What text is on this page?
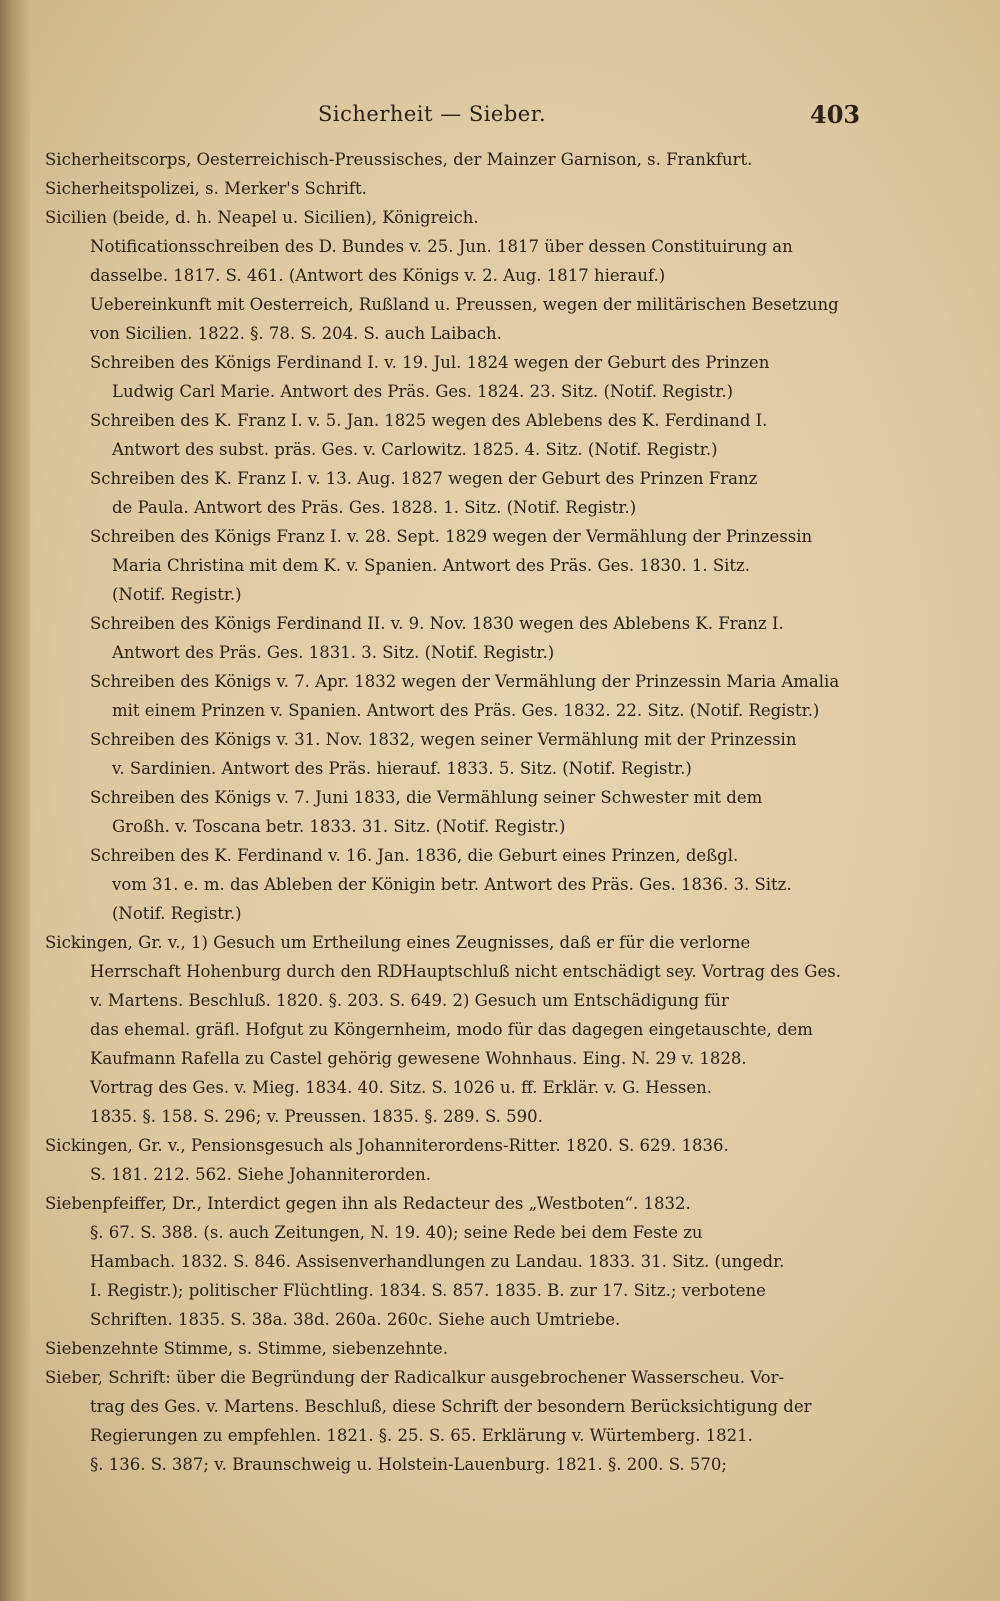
Sicherheit — Sieber.	403
Sicherheitscorps, Oesterreichisch-Preussisches, der Mainzer Garnison, s. Frankfurt.
Sicherheitspolizei, s. Merker's Schrift.
Sicilien (beide, d. h. Neapel u. Sicilien), Königreich.
Notificationsschreiben des D. Bundes v. 25. Jun. 1817 über dessen Constituirung an
dasselbe. 1817. S. 461. (Antwort des Königs v. 2. Aug. 1817 hierauf.)
Uebereinkunft mit Oesterreich, Rußland u. Preussen, wegen der militärischen Besetzung
von Sicilien. 1822. §. 78. S. 204. S. auch Laibach.
Schreiben des Königs Ferdinand I. v. 19. Jul. 1824 wegen der Geburt des Prinzen
Ludwig Carl Marie. Antwort des Präs. Ges. 1824. 23. Sitz. (Notif. Registr.)
Schreiben des K. Franz I. v. 5. Jan. 1825 wegen des Ablebens des K. Ferdinand I.
Antwort des subst. präs. Ges. v. Carlowitz. 1825. 4. Sitz. (Notif. Registr.)
Schreiben des K. Franz I. v. 13. Aug. 1827 wegen der Geburt des Prinzen Franz
de Paula. Antwort des Präs. Ges. 1828. 1. Sitz. (Notif. Registr.)
Schreiben des Königs Franz I. v. 28. Sept. 1829 wegen der Vermählung der Prinzessin
Maria Christina mit dem K. v. Spanien. Antwort des Präs. Ges. 1830. 1. Sitz.
(Notif. Registr.)
Schreiben des Königs Ferdinand II. v. 9. Nov. 1830 wegen des Ablebens K. Franz I.
Antwort des Präs. Ges. 1831. 3. Sitz. (Notif. Registr.)
Schreiben des Königs v. 7. Apr. 1832 wegen der Vermählung der Prinzessin Maria Amalia
mit einem Prinzen v. Spanien. Antwort des Präs. Ges. 1832. 22. Sitz. (Notif. Registr.)
Schreiben des Königs v. 31. Nov. 1832, wegen seiner Vermählung mit der Prinzessin
v. Sardinien. Antwort des Präs. hierauf. 1833. 5. Sitz. (Notif. Registr.)
Schreiben des Königs v. 7. Juni 1833, die Vermählung seiner Schwester mit dem
Großh. v. Toscana betr. 1833. 31. Sitz. (Notif. Registr.)
Schreiben des K. Ferdinand v. 16. Jan. 1836, die Geburt eines Prinzen, deßgl.
vom 31. e. m. das Ableben der Königin betr. Antwort des Präs. Ges. 1836. 3. Sitz.
(Notif. Registr.)
Sickingen, Gr. v., 1) Gesuch um Ertheilung eines Zeugnisses, daß er für die verlorne
Herrschaft Hohenburg durch den RDHauptschluß nicht entschädigt sey. Vortrag des Ges.
v. Martens. Beschluß. 1820. §. 203. S. 649. 2) Gesuch um Entschädigung für
das ehemal. gräfl. Hofgut zu Köngernheim, modo für das dagegen eingetauschte, dem
Kaufmann Rafella zu Castel gehörig gewesene Wohnhaus. Eing. N. 29 v. 1828.
Vortrag des Ges. v. Mieg. 1834. 40. Sitz. S. 1026 u. ff. Erklär. v. G. Hessen.
1835. §. 158. S. 296; v. Preussen. 1835. §. 289. S. 590.
Sickingen, Gr. v., Pensionsgesuch als Johanniterordens-Ritter. 1820. S. 629. 1836.
S. 181. 212. 562. Siehe Johanniterorden.
Siebenpfeiffer, Dr., Interdict gegen ihn als Redacteur des „Westboten“. 1832.
§. 67. S. 388. (s. auch Zeitungen, N. 19. 40); seine Rede bei dem Feste zu
Hambach. 1832. S. 846. Assisenverhandlungen zu Landau. 1833. 31. Sitz. (ungedr.
I. Registr.); politischer Flüchtling. 1834. S. 857. 1835. B. zur 17. Sitz.; verbotene
Schriften. 1835. S. 38a. 38d. 260a. 260c. Siehe auch Umtriebe.
Siebenzehnte Stimme, s. Stimme, siebenzehnte.
Sieber, Schrift: über die Begründung der Radicalkur ausgebrochener Wasserscheu. Vor-
trag des Ges. v. Martens. Beschluß, diese Schrift der besondern Berücksichtigung der
Regierungen zu empfehlen. 1821. §. 25. S. 65. Erklärung v. Würtemberg. 1821.
§. 136. S. 387; v. Braunschweig u. Holstein-Lauenburg. 1821. §. 200. S. 570;
